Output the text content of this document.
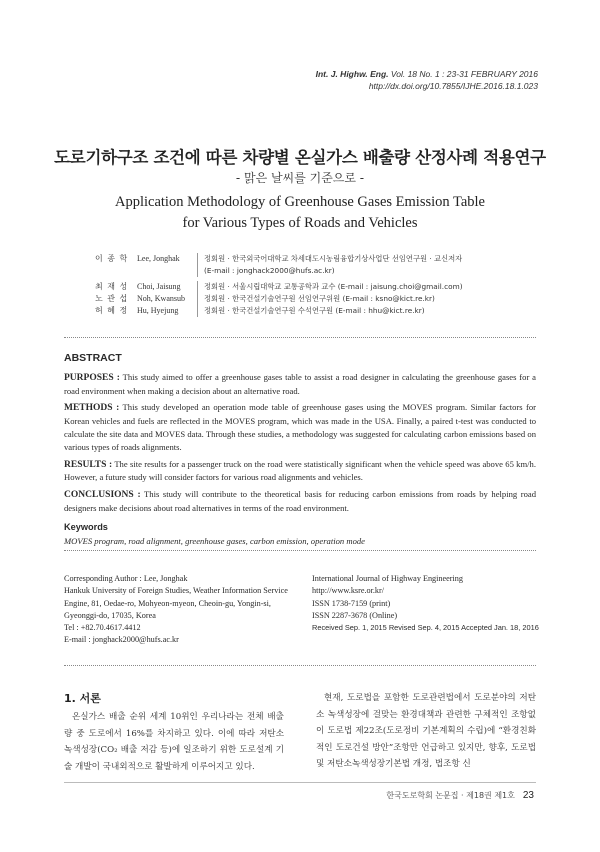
Int. J. Highw. Eng. Vol. 18 No. 1 : 23-31 FEBRUARY 2016
http://dx.doi.org/10.7855/IJHE.2016.18.1.023
도로기하구조 조건에 따른 차량별 온실가스 배출량 산정사례 적용연구
- 맑은 날씨를 기준으로 -
Application Methodology of Greenhouse Gases Emission Table
for Various Types of Roads and Vehicles
이 종 학	Lee, Jonghak	정회원 · 한국외국어대학교 차세대도시농림융합기상사업단 선임연구원 · 교신저자
(E-mail : jonghack2000@hufs.ac.kr)
최 재 성	Choi, Jaisung	정회원 · 서울시립대학교 교통공학과 교수 (E-mail : jaisung.choi@gmail.com)
노 관 섭	Noh, Kwansub	정회원 · 한국건설기술연구원 선임연구위원 (E-mail : ksno@kict.re.kr)
허 혜 정	Hu, Hyejung	정회원 · 한국건설기술연구원 수석연구원 (E-mail : hhu@kict.re.kr)
ABSTRACT

PURPOSES : This study aimed to offer a greenhouse gases table to assist a road designer in calculating the greenhouse gases for a road environment when making a decision about an alternative road.

METHODS : This study developed an operation mode table of greenhouse gases using the MOVES program. Similar factors for Korean vehicles and fuels are reflected in the MOVES program, which was made in the USA. Finally, a paired t-test was conducted to calculate the site data and MOVES data. Through these studies, a methodology was suggested for calculating carbon emissions based on various types of roads alignments.

RESULTS : The site results for a passenger truck on the road were statistically significant when the vehicle speed was above 65 km/h. However, a future study will consider factors for various road alignments and vehicles.

CONCLUSIONS : This study will contribute to the theoretical basis for reducing carbon emissions from roads by helping road designers make decisions about road alternatives in terms of the road environment.

Keywords
MOVES program, road alignment, greenhouse gases, carbon emission, operation mode
Corresponding Author : Lee, Jonghak
Hankuk University of Foreign Studies, Weather Information Service
Engine, 81, Oedae-ro, Mohyeon-myeon, Cheoin-gu, Yongin-si,
Gyeonggi-do, 17035, Korea
Tel : +82.70.4617.4412
E-mail : jonghack2000@hufs.ac.kr
International Journal of Highway Engineering
http://www.ksre.or.kr/
ISSN 1738-7159 (print)
ISSN 2287-3678 (Online)
Received Sep. 1, 2015 Revised Sep. 4, 2015 Accepted Jan. 18, 2016
1. 서론
온실가스 배출 순위 세계 10위인 우리나라는 전체 배출량 중 도로에서 16%를 차지하고 있다. 이에 따라 저탄소 녹색성장(CO₂ 배출 저감 등)에 일조하기 위한 도로설계 기술 개발이 국내외적으로 활발하게 이루어지고 있다.
현재, 도로법을 포함한 도로관련법에서 도로분야의 저탄소 녹색성장에 걸맞는 환경대책과 관련한 구체적인 조항없이 도로법 제22조(도로정비 기본계획의 수립)에 “환경친화적인 도로건설 방안”조항만 언급하고 있지만, 향후, 도로법 및 저탄소녹색성장기본법 개정, 법조항 신
한국도로학회 논문집 · 제18권 제1호 23
